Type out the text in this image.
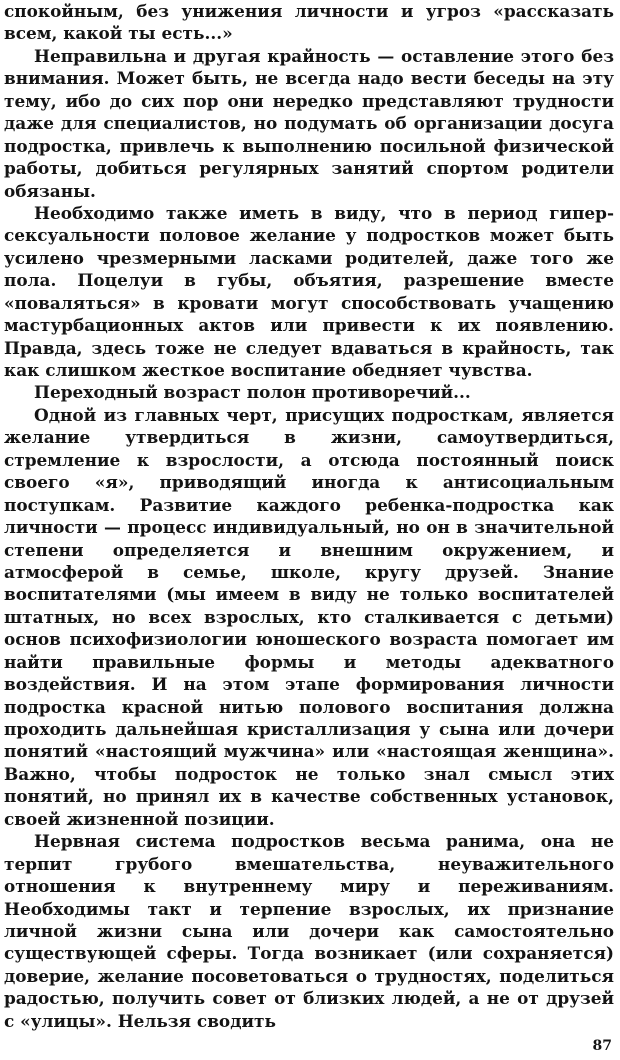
спокойным, без унижения личности и угроз «рассказать всем, какой ты есть...»

Неправильна и другая крайность — оставление этого без внимания. Может быть, не всегда надо вести беседы на эту тему, ибо до сих пор они нередко представляют трудности даже для специалистов, но подумать об организации досуга подростка, привлечь к выполнению посильной физической работы, добиться регулярных занятий спортом родители обязаны.

Необходимо также иметь в виду, что в период гипер-сексуальности половое желание у подростков может быть усилено чрезмерными ласками родителей, даже того же пола. Поцелуи в губы, объятия, разрешение вместе «поваляться» в кровати могут способствовать учащению мастурбационных актов или привести к их появлению. Правда, здесь тоже не следует вдаваться в крайность, так как слишком жесткое воспитание обедняет чувства.

Переходный возраст полон противоречий...

Одной из главных черт, присущих подросткам, является желание утвердиться в жизни, самоутвердиться, стремление к взрослости, а отсюда постоянный поиск своего «я», приводящий иногда к антисоциальным поступкам. Развитие каждого ребенка-подростка как личности — процесс индивидуальный, но он в значительной степени определяется и внешним окружением, и атмосферой в семье, школе, кругу друзей. Знание воспитателями (мы имеем в виду не только воспитателей штатных, но всех взрослых, кто сталкивается с детьми) основ психофизиологии юношеского возраста помогает им найти правильные формы и методы адекватного воздействия. И на этом этапе формирования личности подростка красной нитью полового воспитания должна проходить дальнейшая кристаллизация у сына или дочери понятий «настоящий мужчина» или «настоящая женщина». Важно, чтобы подросток не только знал смысл этих понятий, но принял их в качестве собственных установок, своей жизненной позиции.

Нервная система подростков весьма ранима, она не терпит грубого вмешательства, неуважительного отношения к внутреннему миру и переживаниям. Необходимы такт и терпение взрослых, их признание личной жизни сына или дочери как самостоятельно существующей сферы. Тогда возникает (или сохраняется) доверие, желание посоветоваться о трудностях, поделиться радостью, получить совет от близких людей, а не от друзей с «улицы». Нельзя сводить

87
